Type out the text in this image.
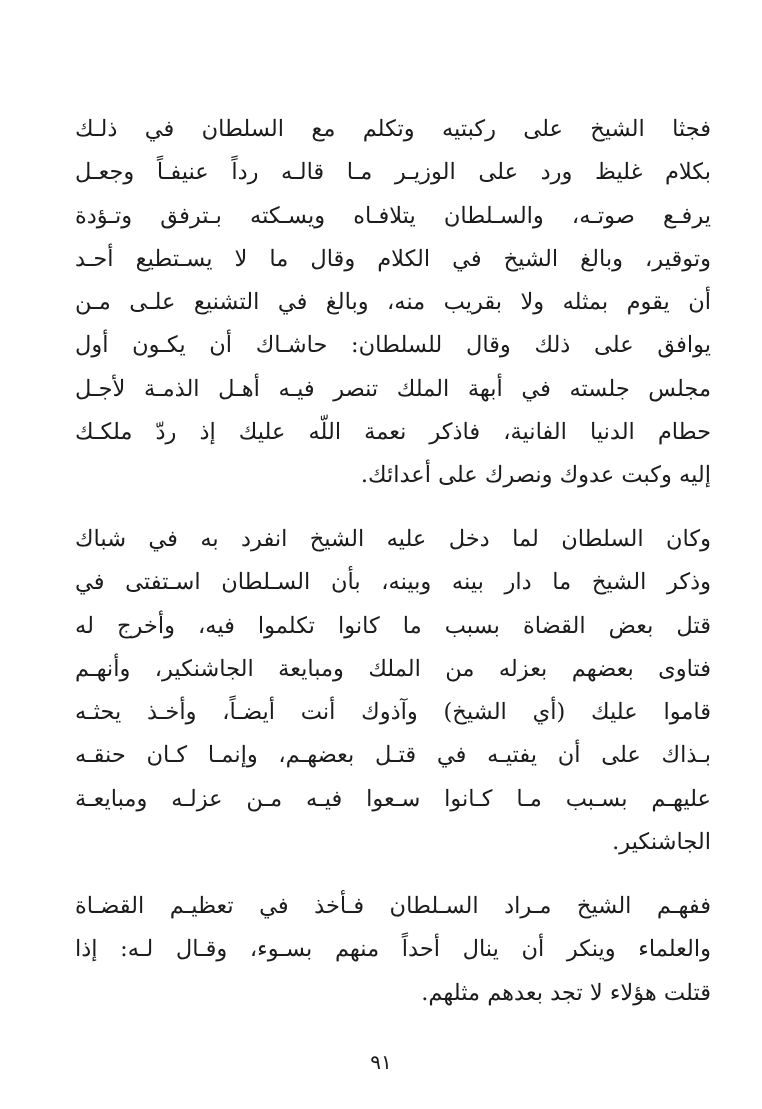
فجثا الشيخ على ركبتيه وتكلم مع السلطان في ذلـك
بكلام غليظ ورد على الوزيـر مـا قالـه رداً عنيفـاً وجعـل
يرفـع صوتـه، والسـلطان يتلافـاه ويسـكته بـترفق وتـؤدة
وتوقير، وبالغ الشيخ في الكلام وقال ما لا يسـتطيع أحـد
أن يقوم بمثله ولا بقريب منه، وبالغ في التشنيع علـى مـن
يوافق على ذلك وقال للسلطان: حاشـاك أن يكـون أول
مجلس جلسته في أبهة الملك تنصر فيـه أهـل الذمـة لأجـل
حطام الدنيا الفانية، فاذكر نعمة اللّه عليك إذ ردّ ملكـك
إليه وكبت عدوك ونصرك على أعدائك.
وكان السلطان لما دخل عليه الشيخ انفرد به في شباك
وذكر الشيخ ما دار بينه وبينه، بأن السـلطان اسـتفتى في
قتل بعض القضاة بسبب ما كانوا تكلموا فيه، وأخرج له
فتاوى بعضهم بعزله من الملك ومبايعة الجاشنكير، وأنهـم
قاموا عليك (أي الشيخ) وآذوك أنت أيضـاً، وأخـذ يحثـه
بـذاك على أن يفتيـه في قتـل بعضهـم، وإنمـا كـان حنقـه
عليهـم بسـبب مـا كـانوا سـعوا فيـه مـن عزلـه ومبايعـة
الجاشنكير.
ففهـم الشيخ مـراد السـلطان فـأخذ في تعظيـم القضـاة
والعلماء وينكر أن ينال أحداً منهم بسـوء، وقـال لـه: إذا
قتلت هؤلاء لا تجد بعدهم مثلهم.
٩١
